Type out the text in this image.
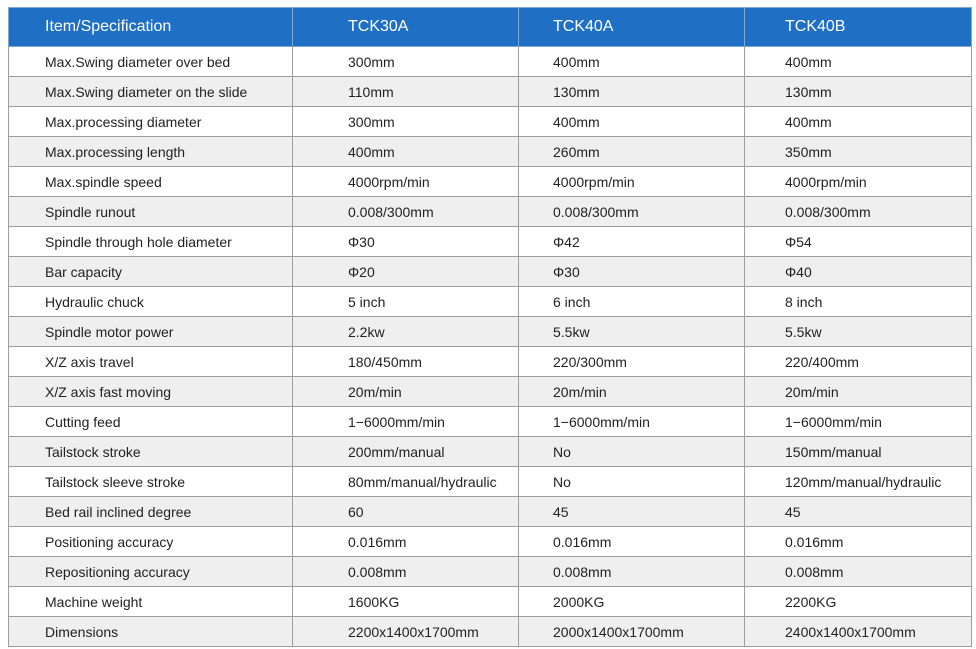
Item/Specification	TCK30A	TCK40A	TCK40B
Max.Swing diameter over bed	300mm	400mm	400mm
Max.Swing diameter on the slide	110mm	130mm	130mm
Max.processing diameter	300mm	400mm	400mm
Max.processing length	400mm	260mm	350mm
Max.spindle speed	4000rpm/min	4000rpm/min	4000rpm/min
Spindle runout	0.008/300mm	0.008/300mm	0.008/300mm
Spindle through hole diameter	Φ30	Φ42	Φ54
Bar capacity	Φ20	Φ30	Φ40
Hydraulic chuck	5 inch	6 inch	8 inch
Spindle motor power	2.2kw	5.5kw	5.5kw
X/Z axis travel	180/450mm	220/300mm	220/400mm
X/Z axis fast moving	20m/min	20m/min	20m/min
Cutting feed	1−6000mm/min	1−6000mm/min	1−6000mm/min
Tailstock stroke	200mm/manual	No	150mm/manual
Tailstock sleeve stroke	80mm/manual/hydraulic	No	120mm/manual/hydraulic
Bed rail inclined degree	60	45	45
Positioning accuracy	0.016mm	0.016mm	0.016mm
Repositioning accuracy	0.008mm	0.008mm	0.008mm
Machine weight	1600KG	2000KG	2200KG
Dimensions	2200x1400x1700mm	2000x1400x1700mm	2400x1400x1700mm
